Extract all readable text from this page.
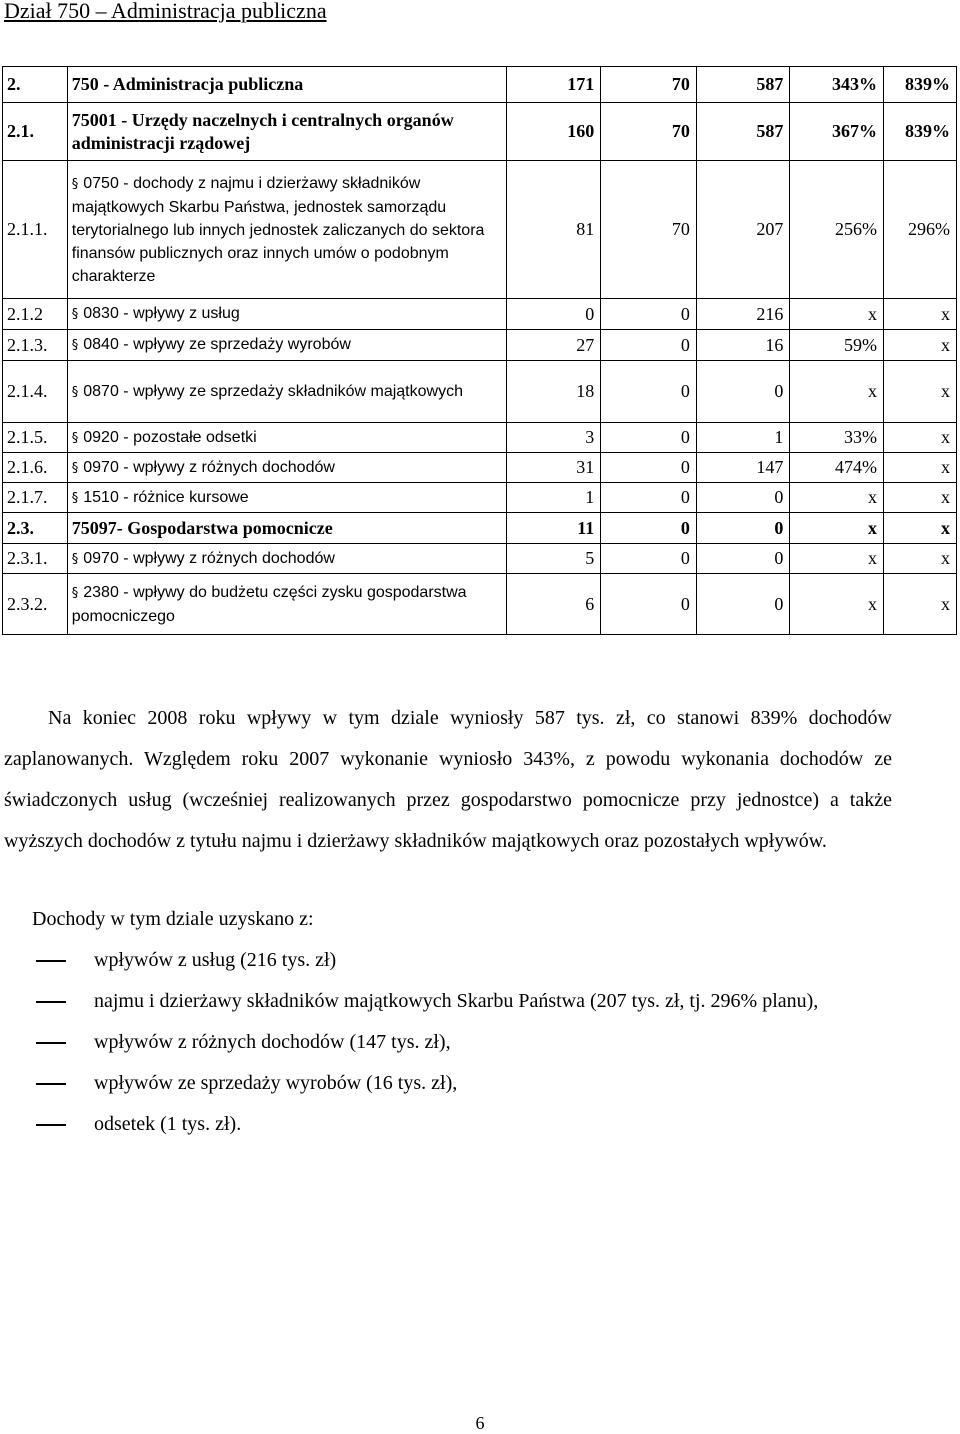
Dział 750 – Administracja publiczna
2.	750 - Administracja publiczna	171	70	587	343%	839%
2.1.	75001 - Urzędy naczelnych i centralnych organów administracji rządowej	160	70	587	367%	839%
2.1.1.	§ 0750 - dochody z najmu i dzierżawy składników majątkowych Skarbu Państwa, jednostek samorządu terytorialnego lub innych jednostek zaliczanych do sektora finansów publicznych oraz innych umów o podobnym charakterze	81	70	207	256%	296%
2.1.2	§ 0830 - wpływy z usług	0	0	216	x	x
2.1.3.	§ 0840 - wpływy ze sprzedaży wyrobów	27	0	16	59%	x
2.1.4.	§ 0870 - wpływy ze sprzedaży składników majątkowych	18	0	0	x	x
2.1.5.	§ 0920 - pozostałe odsetki	3	0	1	33%	x
2.1.6.	§ 0970 - wpływy z różnych dochodów	31	0	147	474%	x
2.1.7.	§ 1510 - różnice kursowe	1	0	0	x	x
2.3.	75097- Gospodarstwa pomocnicze	11	0	0	x	x
2.3.1.	§ 0970 - wpływy z różnych dochodów	5	0	0	x	x
2.3.2.	§ 2380 - wpływy do budżetu części zysku gospodarstwa pomocniczego	6	0	0	x	x

Na koniec 2008 roku wpływy w tym dziale wyniosły 587 tys. zł, co stanowi 839% dochodów zaplanowanych. Względem roku 2007 wykonanie wyniosło 343%, z powodu wykonania dochodów ze świadczonych usług (wcześniej realizowanych przez gospodarstwo pomocnicze przy jednostce) a także wyższych dochodów z tytułu najmu i dzierżawy składników majątkowych oraz pozostałych wpływów.

Dochody w tym dziale uzyskano z:
wpływów z usług (216 tys. zł)
najmu i dzierżawy składników majątkowych Skarbu Państwa (207 tys. zł, tj. 296% planu),
wpływów z różnych dochodów (147 tys. zł),
wpływów ze sprzedaży wyrobów (16 tys. zł),
odsetek (1 tys. zł).
6
